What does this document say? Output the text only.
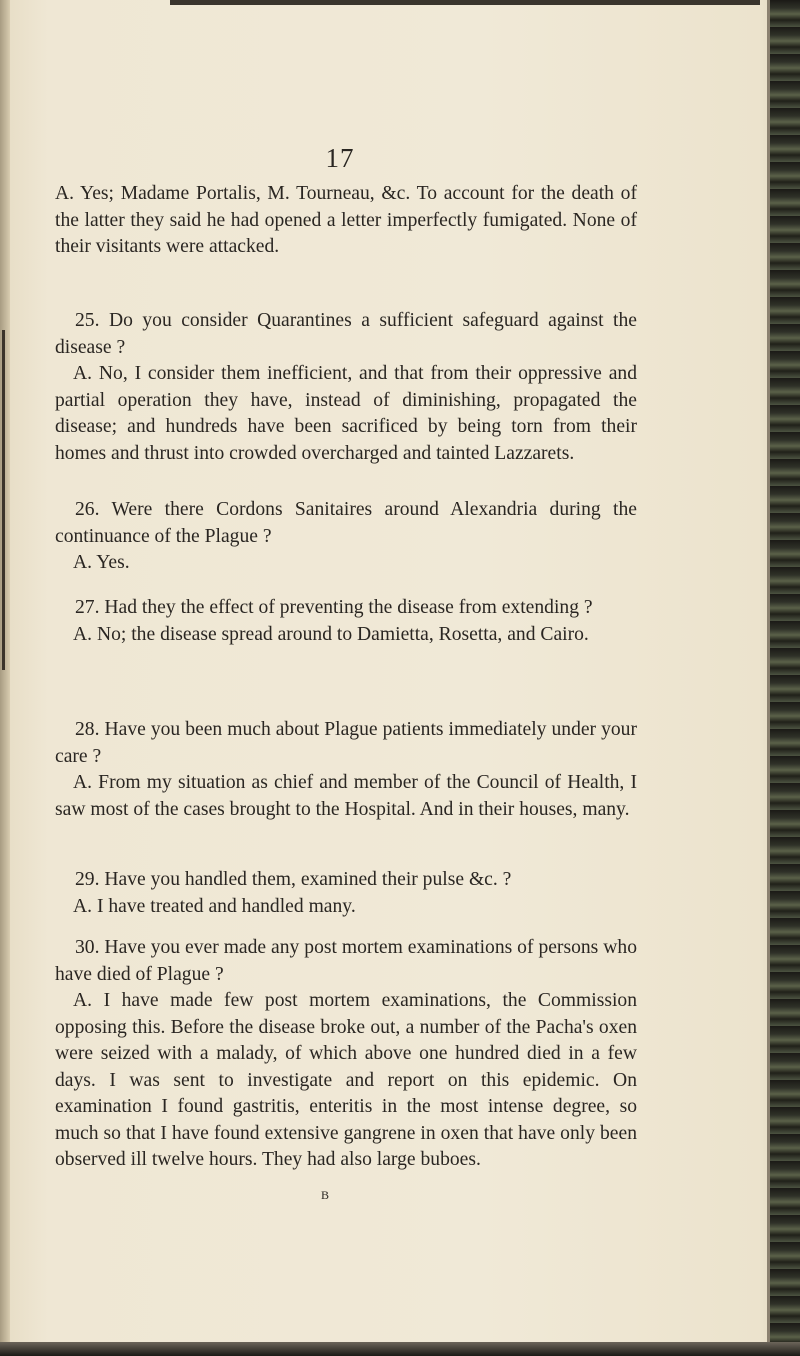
17

A. Yes; Madame Portalis, M. Tourneau, &c. To account for the death of the latter they said he had opened a letter imperfectly fumigated. None of their visitants were attacked.

25. Do you consider Quarantines a sufficient safeguard against the disease ?

A. No, I consider them inefficient, and that from their oppressive and partial operation they have, instead of diminishing, propagated the disease; and hundreds have been sacrificed by being torn from their homes and thrust into crowded overcharged and tainted Lazzarets.

26. Were there Cordons Sanitaires around Alexandria during the continuance of the Plague ?

A. Yes.

27. Had they the effect of preventing the disease from extending ?

A. No; the disease spread around to Damietta, Rosetta, and Cairo.

28. Have you been much about Plague patients immediately under your care ?

A. From my situation as chief and member of the Council of Health, I saw most of the cases brought to the Hospital. And in their houses, many.

29. Have you handled them, examined their pulse &c. ?

A. I have treated and handled many.

30. Have you ever made any post mortem examinations of persons who have died of Plague ?

A. I have made few post mortem examinations, the Commission opposing this. Before the disease broke out, a number of the Pacha's oxen were seized with a malady, of which above one hundred died in a few days. I was sent to investigate and report on this epidemic. On examination I found gastritis, enteritis in the most intense degree, so much so that I have found extensive gangrene in oxen that have only been observed ill twelve hours. They had also large buboes.

B
